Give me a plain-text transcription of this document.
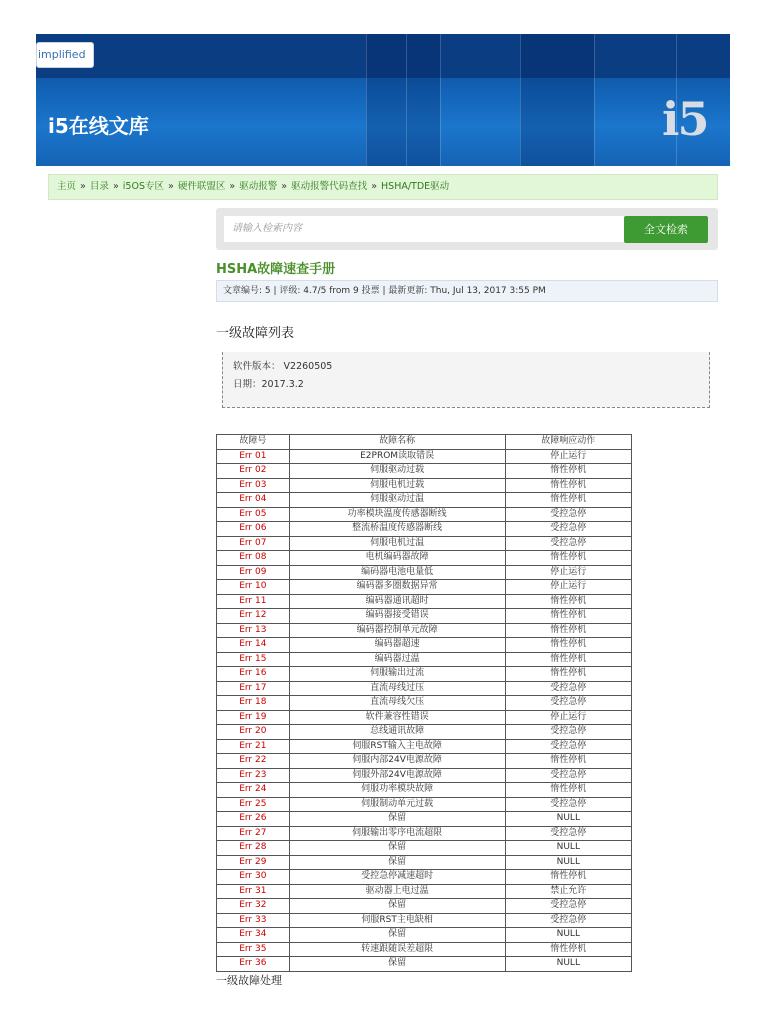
implified
i5在线文库	i5
主页 » 目录 » i5OS专区 » 硬件联盟区 » 驱动报警 » 驱动报警代码查找 » HSHA/TDE驱动
请输入检索内容	全文检索
HSHA故障速查手册
文章编号: 5 | 评级: 4.7/5 from 9 投票 | 最新更新: Thu, Jul 13, 2017 3:55 PM
一级故障列表
软件版本： V2260505
日期：2017.3.2
故障号	故障名称	故障响应动作
Err 01	E2PROM读取错误	停止运行
Err 02	伺服驱动过载	惰性停机
Err 03	伺服电机过载	惰性停机
Err 04	伺服驱动过温	惰性停机
Err 05	功率模块温度传感器断线	受控急停
Err 06	整流桥温度传感器断线	受控急停
Err 07	伺服电机过温	受控急停
Err 08	电机编码器故障	惰性停机
Err 09	编码器电池电量低	停止运行
Err 10	编码器多圈数据异常	停止运行
Err 11	编码器通讯超时	惰性停机
Err 12	编码器接受错误	惰性停机
Err 13	编码器控制单元故障	惰性停机
Err 14	编码器超速	惰性停机
Err 15	编码器过温	惰性停机
Err 16	伺服输出过流	惰性停机
Err 17	直流母线过压	受控急停
Err 18	直流母线欠压	受控急停
Err 19	软件兼容性错误	停止运行
Err 20	总线通讯故障	受控急停
Err 21	伺服RST输入主电故障	受控急停
Err 22	伺服内部24V电源故障	惰性停机
Err 23	伺服外部24V电源故障	受控急停
Err 24	伺服功率模块故障	惰性停机
Err 25	伺服制动单元过载	受控急停
Err 26	保留	NULL
Err 27	伺服输出零序电流超限	受控急停
Err 28	保留	NULL
Err 29	保留	NULL
Err 30	受控急停减速超时	惰性停机
Err 31	驱动器上电过温	禁止允许
Err 32	保留	受控急停
Err 33	伺服RST主电缺相	受控急停
Err 34	保留	NULL
Err 35	转速跟随误差超限	惰性停机
Err 36	保留	NULL
一级故障处理
